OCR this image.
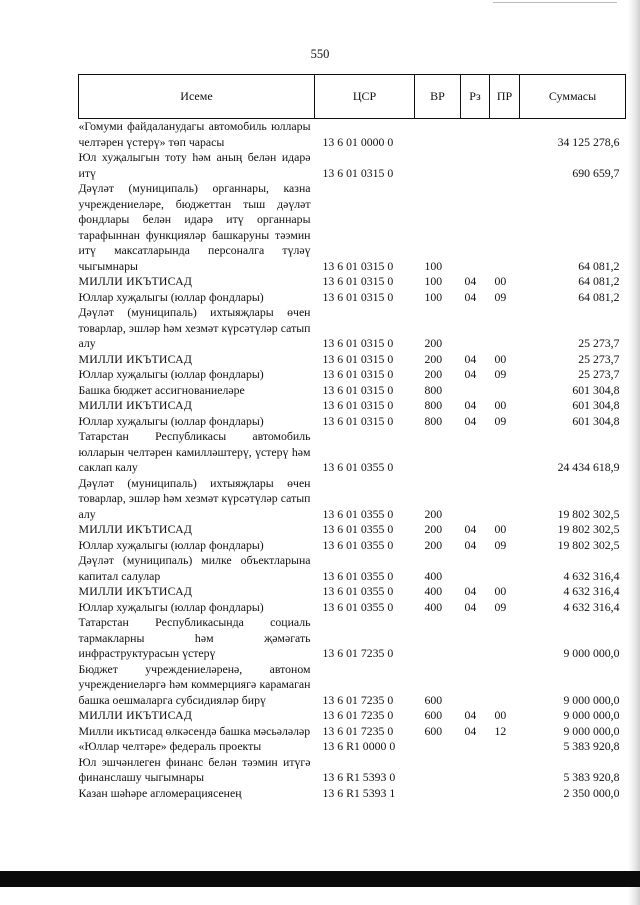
550
Исеме	ЦСР	ВР	Рз	ПР	Суммасы
«Гомуми файдаланудагы автомобиль юллары челтәрен үстерү» төп чарасы	13 6 01 0000 0				34 125 278,6
Юл хуҗалыгын тоту һәм аның белән идарә итү	13 6 01 0315 0				690 659,7
Дәүләт (муниципаль) органнары, казна учреждениеләре, бюджеттан тыш дәүләт фондлары белән идарә итү органнары тарафыннан функцияләр башкаруны тәэмин итү максатларында персоналга түләү чыгымнары	13 6 01 0315 0	100			64 081,2
МИЛЛИ ИКЪТИСАД	13 6 01 0315 0	100	04	00	64 081,2
Юллар хуҗалыгы (юллар фондлары)	13 6 01 0315 0	100	04	09	64 081,2
Дәүләт (муниципаль) ихтыяҗлары өчен товарлар, эшләр һәм хезмәт күрсәтүләр сатып алу	13 6 01 0315 0	200			25 273,7
МИЛЛИ ИКЪТИСАД	13 6 01 0315 0	200	04	00	25 273,7
Юллар хуҗалыгы (юллар фондлары)	13 6 01 0315 0	200	04	09	25 273,7
Башка бюджет ассигнованиеләре	13 6 01 0315 0	800			601 304,8
МИЛЛИ ИКЪТИСАД	13 6 01 0315 0	800	04	00	601 304,8
Юллар хуҗалыгы (юллар фондлары)	13 6 01 0315 0	800	04	09	601 304,8
Татарстан Республикасы автомобиль юлларын челтәрен камилләштерү, үстерү һәм саклап калу	13 6 01 0355 0				24 434 618,9
Дәүләт (муниципаль) ихтыяҗлары өчен товарлар, эшләр һәм хезмәт күрсәтүләр сатып алу	13 6 01 0355 0	200			19 802 302,5
МИЛЛИ ИКЪТИСАД	13 6 01 0355 0	200	04	00	19 802 302,5
Юллар хуҗалыгы (юллар фондлары)	13 6 01 0355 0	200	04	09	19 802 302,5
Дәүләт (муниципаль) милке объектларына капитал салулар	13 6 01 0355 0	400			4 632 316,4
МИЛЛИ ИКЪТИСАД	13 6 01 0355 0	400	04	00	4 632 316,4
Юллар хуҗалыгы (юллар фондлары)	13 6 01 0355 0	400	04	09	4 632 316,4
Татарстан Республикасында социаль тармакларны һәм җәмәгать инфраструктурасын үстерү	13 6 01 7235 0				9 000 000,0
Бюджет учреждениеләренә, автоном учреждениеләргә һәм коммерциягә карамаган башка оешмаларга субсидияләр бирү	13 6 01 7235 0	600			9 000 000,0
МИЛЛИ ИКЪТИСАД	13 6 01 7235 0	600	04	00	9 000 000,0
Милли икътисад өлкәсендә башка мәсьәләләр	13 6 01 7235 0	600	04	12	9 000 000,0
«Юллар челтәре» федераль проекты	13 6 R1 0000 0				5 383 920,8
Юл эшчәнлеген финанс белән тәэмин итүгә финанслашу чыгымнары	13 6 R1 5393 0				5 383 920,8
Казан шәһәре агломерациясенең	13 6 R1 5393 1				2 350 000,0
